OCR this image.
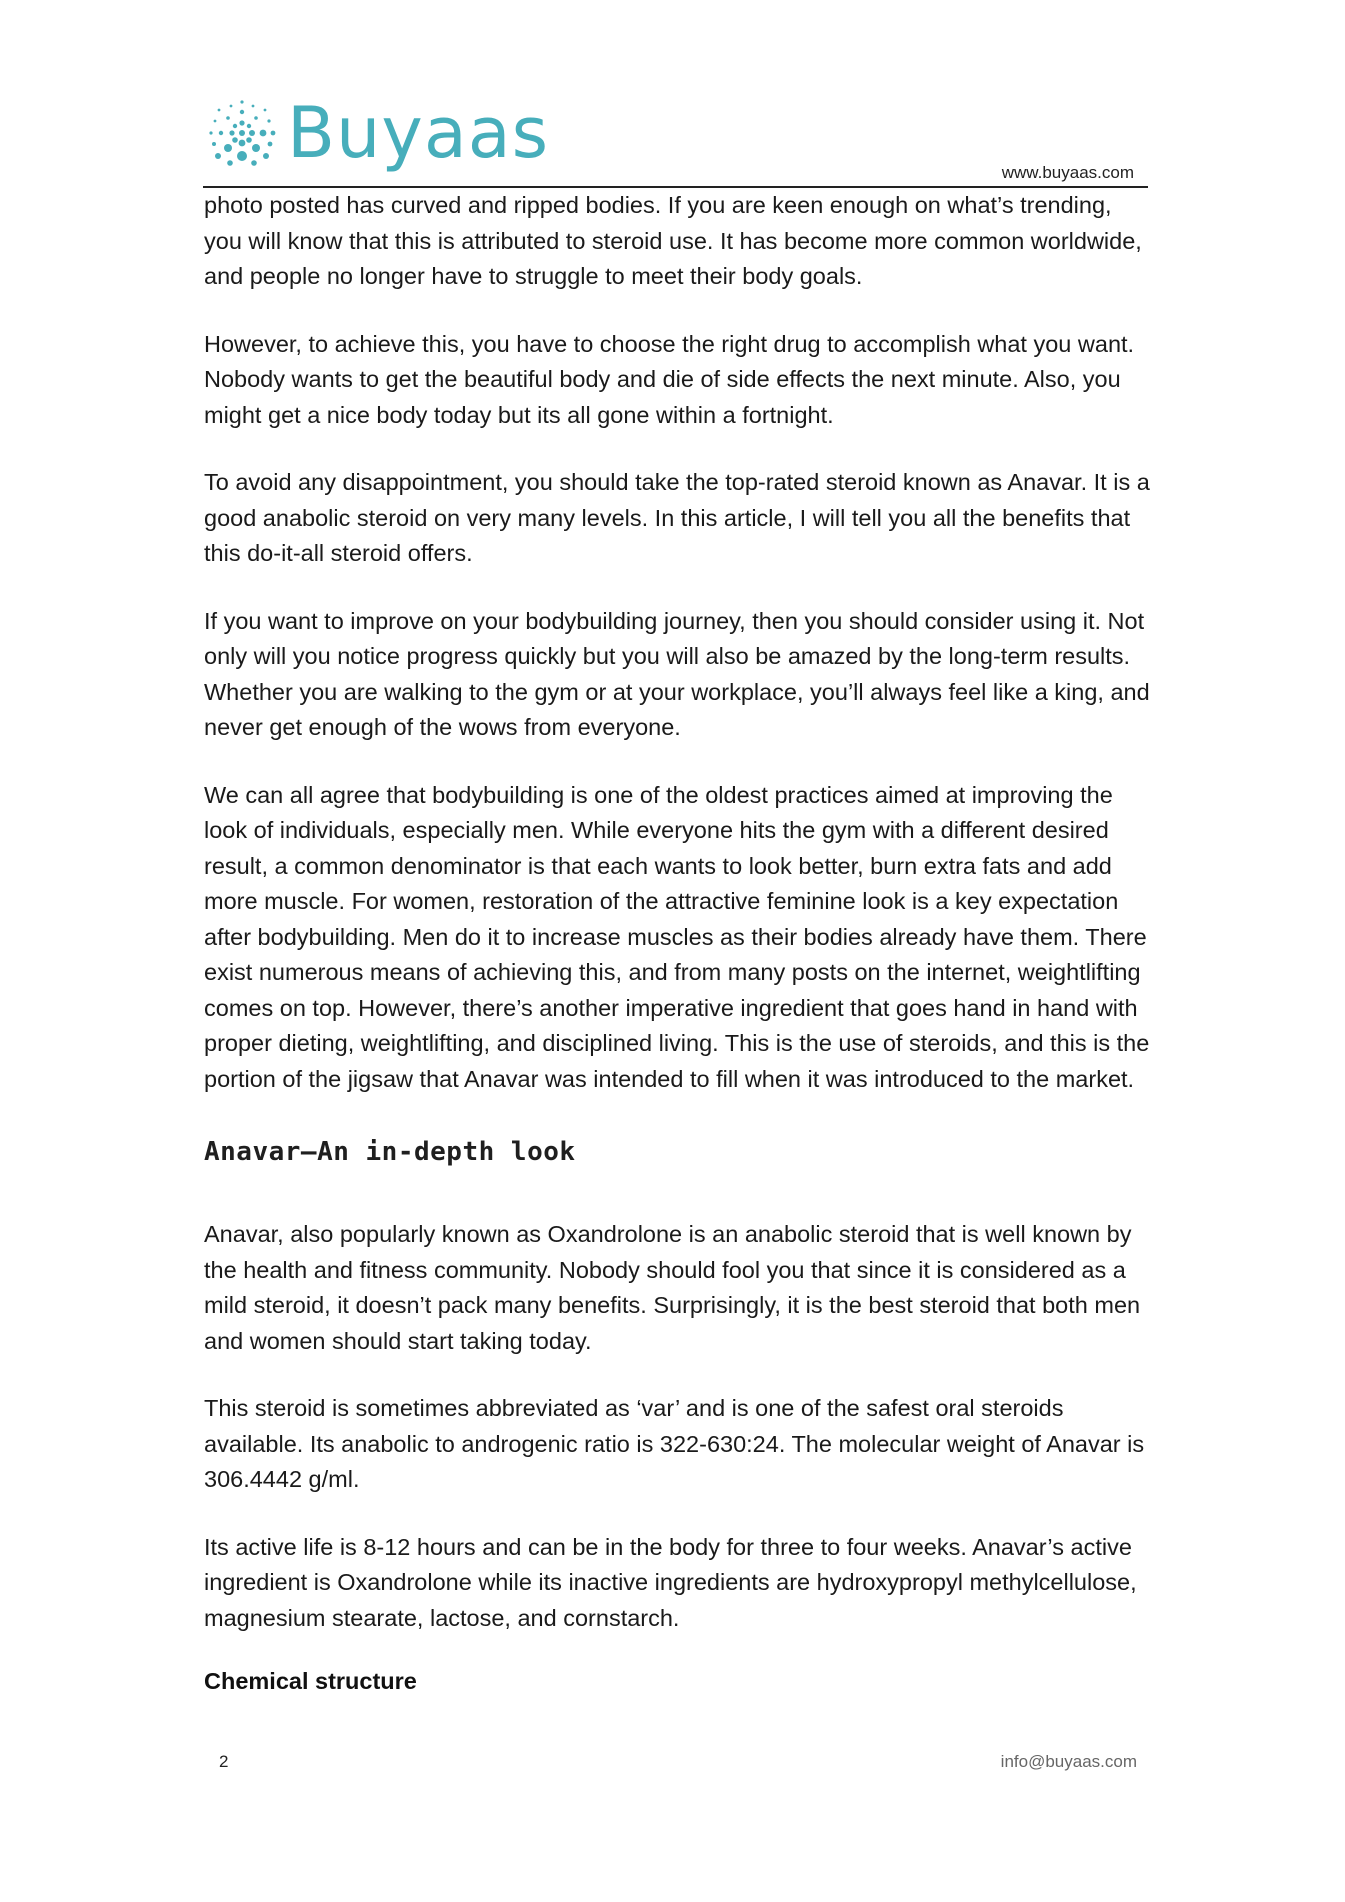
Buyaas	www.buyaas.com

photo posted has curved and ripped bodies. If you are keen enough on what’s trending, you will know that this is attributed to steroid use. It has become more common worldwide, and people no longer have to struggle to meet their body goals.

However, to achieve this, you have to choose the right drug to accomplish what you want. Nobody wants to get the beautiful body and die of side effects the next minute. Also, you might get a nice body today but its all gone within a fortnight.

To avoid any disappointment, you should take the top-rated steroid known as Anavar. It is a good anabolic steroid on very many levels. In this article, I will tell you all the benefits that this do-it-all steroid offers.

If you want to improve on your bodybuilding journey, then you should consider using it. Not only will you notice progress quickly but you will also be amazed by the long-term results. Whether you are walking to the gym or at your workplace, you’ll always feel like a king, and never get enough of the wows from everyone.

We can all agree that bodybuilding is one of the oldest practices aimed at improving the look of individuals, especially men. While everyone hits the gym with a different desired result, a common denominator is that each wants to look better, burn extra fats and add more muscle. For women, restoration of the attractive feminine look is a key expectation after bodybuilding. Men do it to increase muscles as their bodies already have them. There exist numerous means of achieving this, and from many posts on the internet, weightlifting comes on top. However, there’s another imperative ingredient that goes hand in hand with proper dieting, weightlifting, and disciplined living. This is the use of steroids, and this is the portion of the jigsaw that Anavar was intended to fill when it was introduced to the market.

Anavar—An in-depth look

Anavar, also popularly known as Oxandrolone is an anabolic steroid that is well known by the health and fitness community. Nobody should fool you that since it is considered as a mild steroid, it doesn’t pack many benefits. Surprisingly, it is the best steroid that both men and women should start taking today.

This steroid is sometimes abbreviated as ‘var’ and is one of the safest oral steroids available. Its anabolic to androgenic ratio is 322-630:24. The molecular weight of Anavar is 306.4442 g/ml.

Its active life is 8-12 hours and can be in the body for three to four weeks. Anavar’s active ingredient is Oxandrolone while its inactive ingredients are hydroxypropyl methylcellulose, magnesium stearate, lactose, and cornstarch.

Chemical structure
2	info@buyaas.com
